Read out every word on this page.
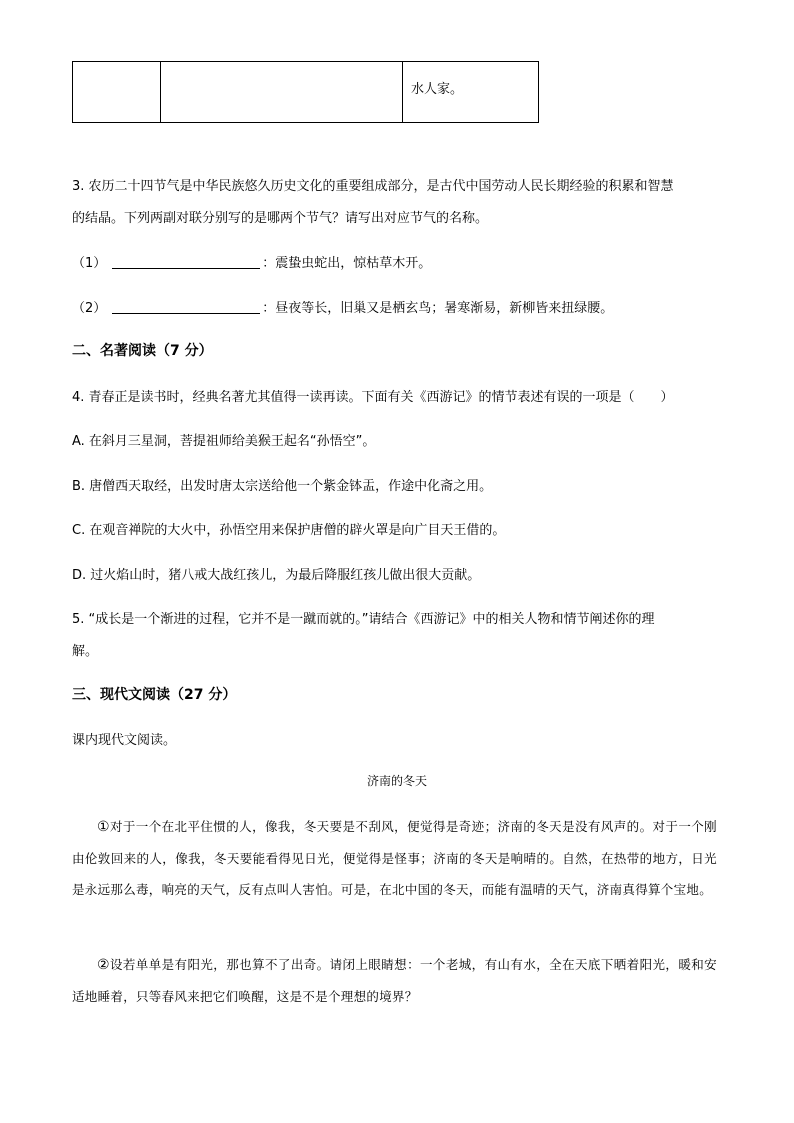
		水人家。
3. 农历二十四节气是中华民族悠久历史文化的重要组成部分，是古代中国劳动人民长期经验的积累和智慧
的结晶。下列两副对联分别写的是哪两个节气？请写出对应节气的名称。
（1）	：震蛰虫蛇出，惊枯草木开。
（2）	：昼夜等长，旧巢又是栖玄鸟；暑寒渐易，新柳皆来扭绿腰。
二、名著阅读（7 分）
4. 青春正是读书时，经典名著尤其值得一读再读。下面有关《西游记》的情节表述有误的一项是（　　）
A. 在斜月三星洞，菩提祖师给美猴王起名“孙悟空”。
B. 唐僧西天取经，出发时唐太宗送给他一个紫金钵盂，作途中化斋之用。
C. 在观音禅院的大火中，孙悟空用来保护唐僧的辟火罩是向广目天王借的。
D. 过火焰山时，猪八戒大战红孩儿，为最后降服红孩儿做出很大贡献。
5. “成长是一个渐进的过程，它并不是一蹴而就的。”请结合《西游记》中的相关人物和情节阐述你的理
解。
三、现代文阅读（27 分）
课内现代文阅读。
济南的冬天
①对于一个在北平住惯的人，像我，冬天要是不刮风，便觉得是奇迹；济南的冬天是没有风声的。对于一个刚由伦敦回来的人，像我，冬天要能看得见日光，便觉得是怪事；济南的冬天是响晴的。自然，在热带的地方，日光是永远那么毒，响亮的天气，反有点叫人害怕。可是，在北中国的冬天，而能有温晴的天气，济南真得算个宝地。
②设若单单是有阳光，那也算不了出奇。请闭上眼睛想：一个老城，有山有水，全在天底下晒着阳光，暖和安适地睡着，只等春风来把它们唤醒，这是不是个理想的境界？
